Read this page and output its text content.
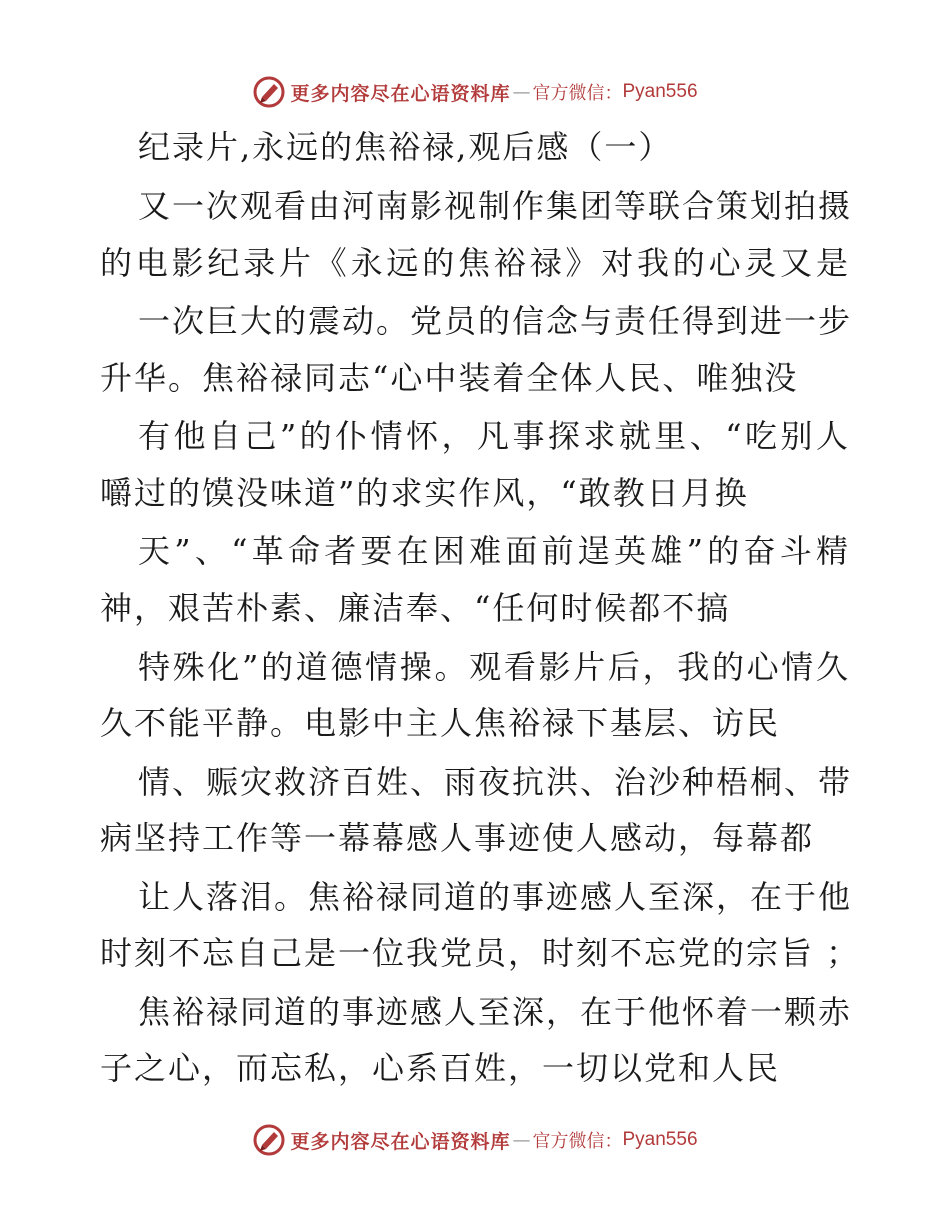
更多内容尽在心语资料库 — 官方微信： Pyan556
纪录片,永远的焦裕禄,观后感（一）
又一次观看由河南影视制作集团等联合策划拍摄
的电影纪录片《永远的焦裕禄》对我的心灵又是
一次巨大的震动。党员的信念与责任得到进一步
升华。焦裕禄同志“心中装着全体人民、唯独没
有他自己”的仆情怀，凡事探求就里、“吃别人
嚼过的馍没味道”的求实作风，“敢教日月换
天”、“革命者要在困难面前逞英雄”的奋斗精
神，艰苦朴素、廉洁奉、“任何时候都不搞
特殊化”的道德情操。观看影片后，我的心情久
久不能平静。电影中主人焦裕禄下基层、访民
情、赈灾救济百姓、雨夜抗洪、治沙种梧桐、带
病坚持工作等一幕幕感人事迹使人感动，每幕都
让人落泪。焦裕禄同道的事迹感人至深，在于他
时刻不忘自己是一位我党员，时刻不忘党的宗旨 ；
焦裕禄同道的事迹感人至深，在于他怀着一颗赤
子之心，而忘私，心系百姓，一切以党和人民
更多内容尽在心语资料库 — 官方微信： Pyan556
